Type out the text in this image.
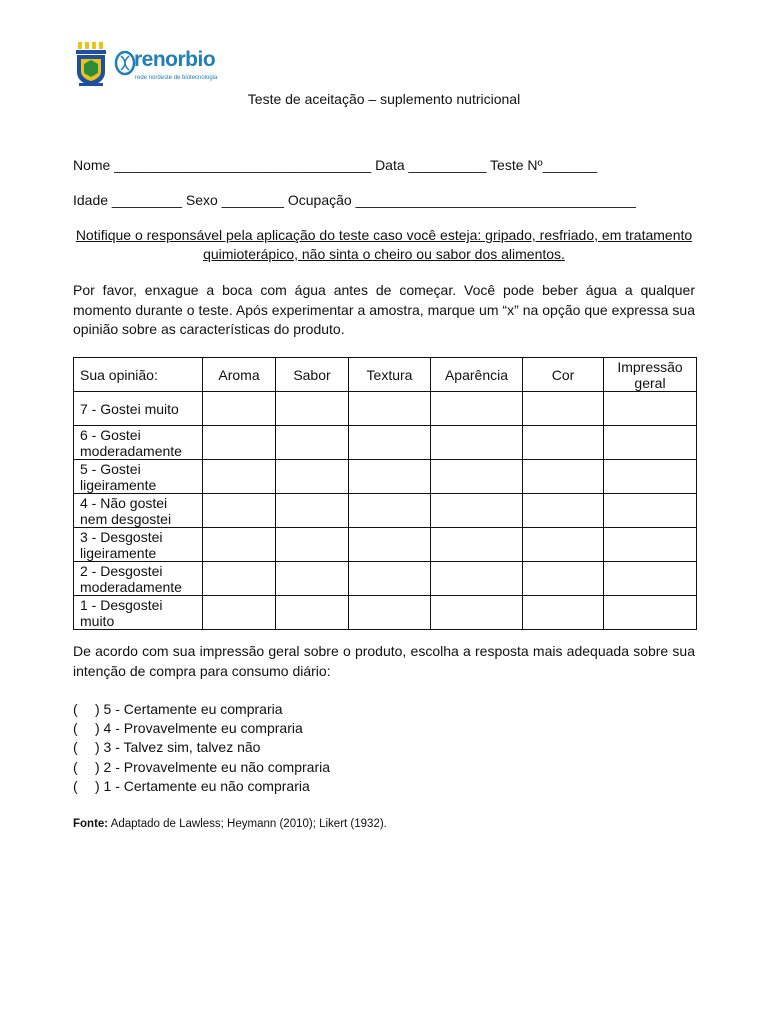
renorbio
rede nordeste de biotecnologia
Teste de aceitação – suplemento nutricional
Nome _________________________________ Data __________ Teste Nº_______
Idade _________ Sexo ________ Ocupação ____________________________________
Notifique o responsável pela aplicação do teste caso você esteja: gripado, resfriado, em tratamento quimioterápico, não sinta o cheiro ou sabor dos alimentos.
Por favor, enxague a boca com água antes de começar. Você pode beber água a qualquer momento durante o teste. Após experimentar a amostra, marque um “x” na opção que expressa sua opinião sobre as características do produto.
Sua opinião:	Aroma	Sabor	Textura	Aparência	Cor	Impressão geral
7 - Gostei muito						
6 - Gostei moderadamente						
5 - Gostei ligeiramente						
4 - Não gostei nem desgostei						
3 - Desgostei ligeiramente						
2 - Desgostei moderadamente						
1 - Desgostei muito						
De acordo com sua impressão geral sobre o produto, escolha a resposta mais adequada sobre sua intenção de compra para consumo diário:
( ) 5 - Certamente eu compraria
( ) 4 - Provavelmente eu compraria
( ) 3 - Talvez sim, talvez não
( ) 2 - Provavelmente eu não compraria
( ) 1 - Certamente eu não compraria
Fonte: Adaptado de Lawless; Heymann (2010); Likert (1932).
